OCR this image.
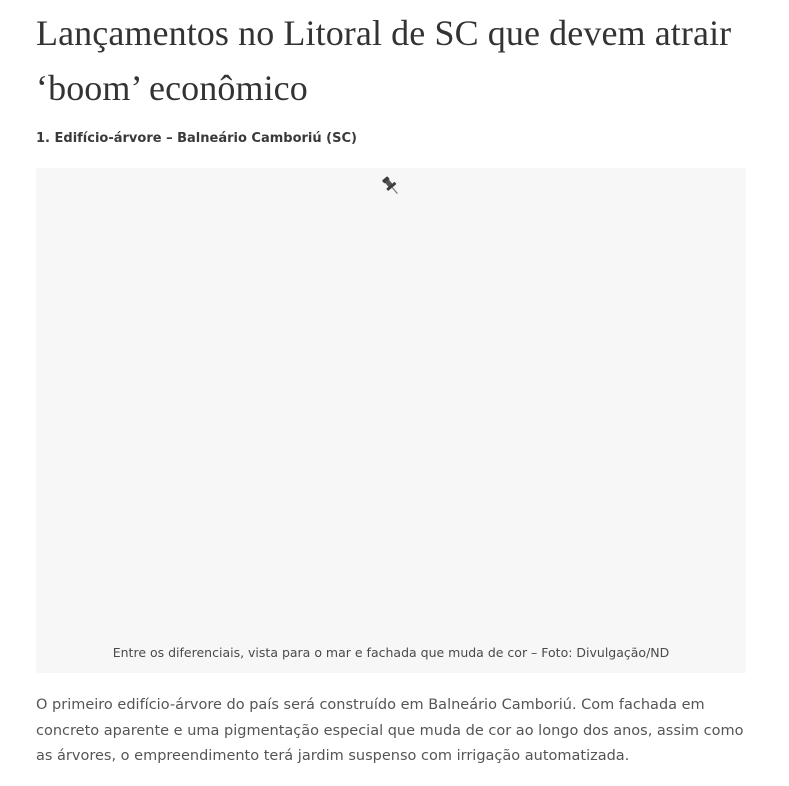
Lançamentos no Litoral de SC que devem atrair ‘boom’ econômico
1. Edifício-árvore – Balneário Camboriú (SC)
Entre os diferenciais, vista para o mar e fachada que muda de cor – Foto: Divulgação/ND

O primeiro edifício-árvore do país será construído em Balneário Camboriú. Com fachada em concreto aparente e uma pigmentação especial que muda de cor ao longo dos anos, assim como as árvores, o empreendimento terá jardim suspenso com irrigação automatizada.
